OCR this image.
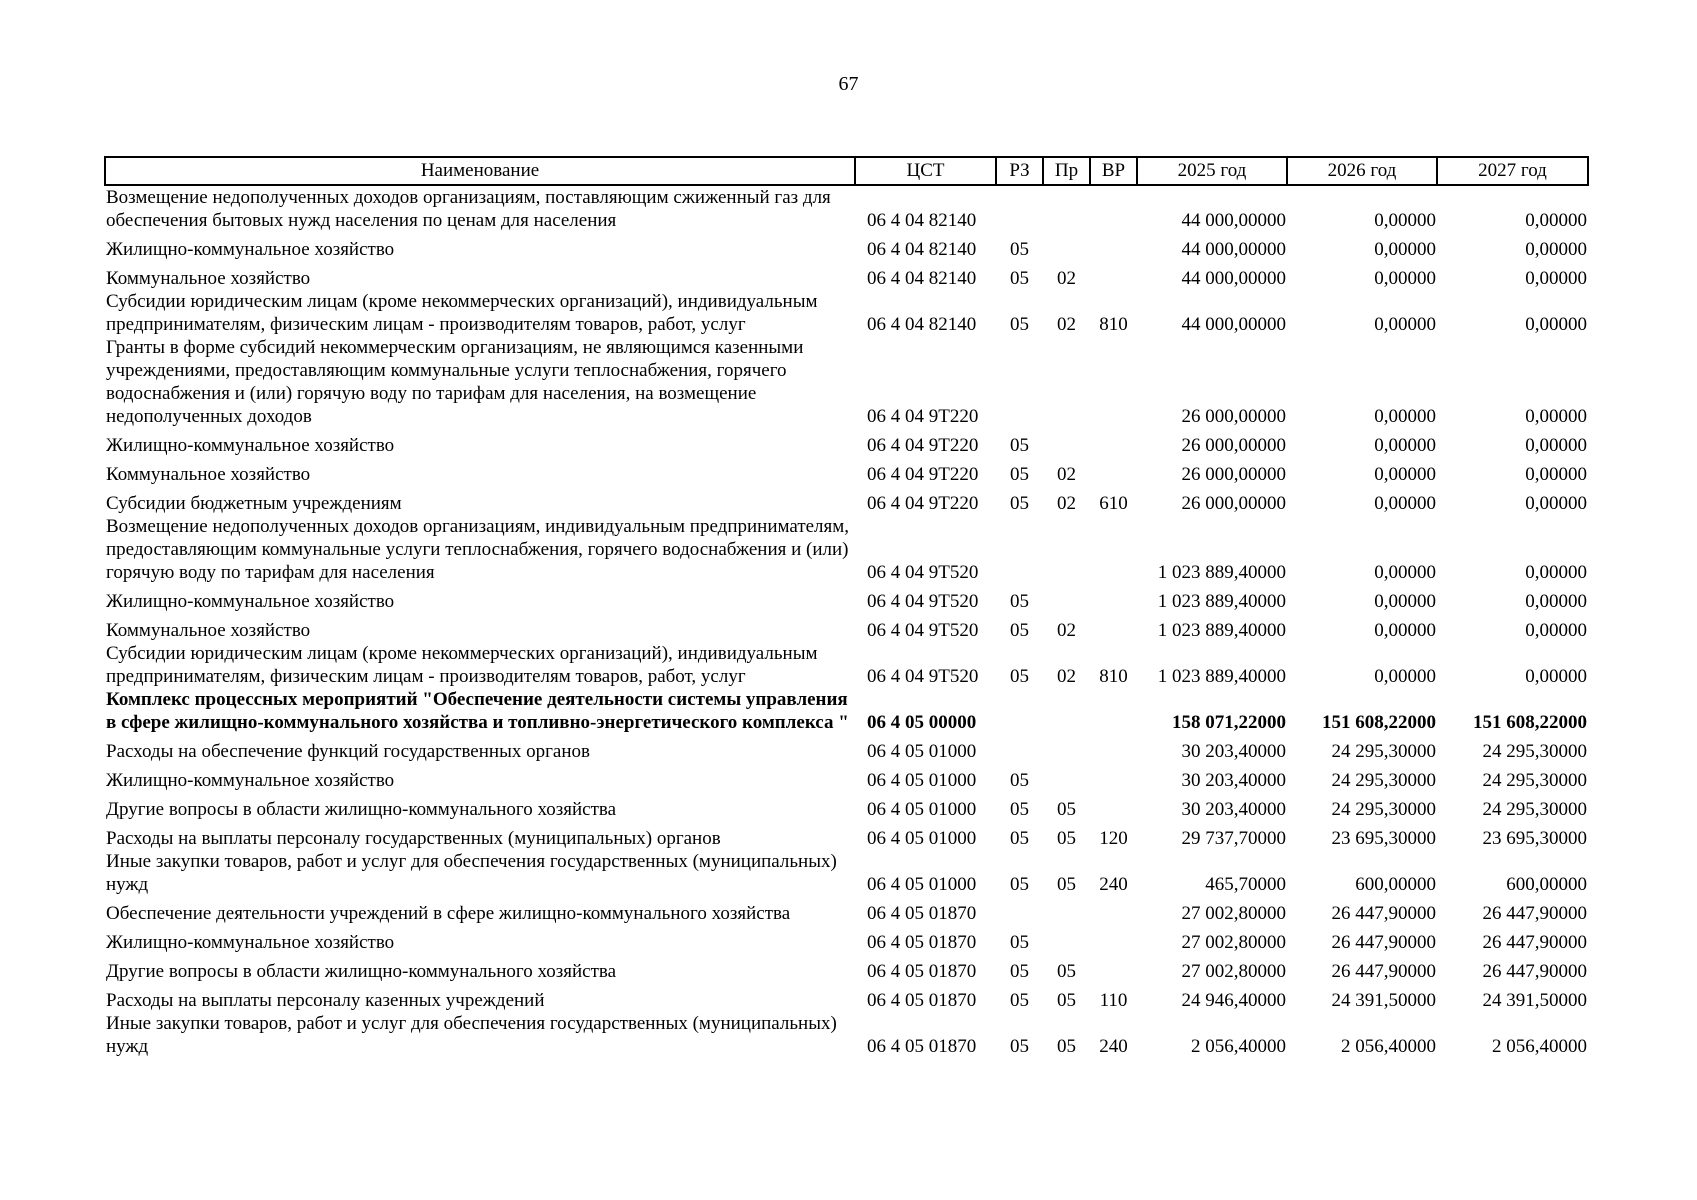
67
Наименование	ЦСТ	РЗ	Пр	ВР	2025 год	2026 год	2027 год
Возмещение недополученных доходов организациям, поставляющим сжиженный газ для обеспечения бытовых нужд населения по ценам для населения	06 4 04 82140				44 000,00000	0,00000	0,00000
Жилищно-коммунальное хозяйство	06 4 04 82140	05			44 000,00000	0,00000	0,00000
Коммунальное хозяйство	06 4 04 82140	05	02		44 000,00000	0,00000	0,00000
Субсидии юридическим лицам (кроме некоммерческих организаций), индивидуальным предпринимателям, физическим лицам - производителям товаров, работ, услуг	06 4 04 82140	05	02	810	44 000,00000	0,00000	0,00000
Гранты в форме субсидий некоммерческим организациям, не являющимся казенными учреждениями, предоставляющим коммунальные услуги теплоснабжения, горячего водоснабжения и (или) горячую воду по тарифам для населения, на возмещение недополученных доходов	06 4 04 9Т220				26 000,00000	0,00000	0,00000
Жилищно-коммунальное хозяйство	06 4 04 9Т220	05			26 000,00000	0,00000	0,00000
Коммунальное хозяйство	06 4 04 9Т220	05	02		26 000,00000	0,00000	0,00000
Субсидии бюджетным учреждениям	06 4 04 9Т220	05	02	610	26 000,00000	0,00000	0,00000
Возмещение недополученных доходов организациям, индивидуальным предпринимателям, предоставляющим коммунальные услуги теплоснабжения, горячего водоснабжения и (или) горячую воду по тарифам для населения	06 4 04 9Т520				1 023 889,40000	0,00000	0,00000
Жилищно-коммунальное хозяйство	06 4 04 9Т520	05			1 023 889,40000	0,00000	0,00000
Коммунальное хозяйство	06 4 04 9Т520	05	02		1 023 889,40000	0,00000	0,00000
Субсидии юридическим лицам (кроме некоммерческих организаций), индивидуальным предпринимателям, физическим лицам - производителям товаров, работ, услуг	06 4 04 9Т520	05	02	810	1 023 889,40000	0,00000	0,00000
Комплекс процессных мероприятий "Обеспечение деятельности системы управления в сфере жилищно-коммунального хозяйства и топливно-энергетического комплекса "	06 4 05 00000				158 071,22000	151 608,22000	151 608,22000
Расходы на обеспечение функций государственных органов	06 4 05 01000				30 203,40000	24 295,30000	24 295,30000
Жилищно-коммунальное хозяйство	06 4 05 01000	05			30 203,40000	24 295,30000	24 295,30000
Другие вопросы в области жилищно-коммунального хозяйства	06 4 05 01000	05	05		30 203,40000	24 295,30000	24 295,30000
Расходы на выплаты персоналу государственных (муниципальных) органов	06 4 05 01000	05	05	120	29 737,70000	23 695,30000	23 695,30000
Иные закупки товаров, работ и услуг для обеспечения государственных (муниципальных) нужд	06 4 05 01000	05	05	240	465,70000	600,00000	600,00000
Обеспечение деятельности учреждений в сфере жилищно-коммунального хозяйства	06 4 05 01870				27 002,80000	26 447,90000	26 447,90000
Жилищно-коммунальное хозяйство	06 4 05 01870	05			27 002,80000	26 447,90000	26 447,90000
Другие вопросы в области жилищно-коммунального хозяйства	06 4 05 01870	05	05		27 002,80000	26 447,90000	26 447,90000
Расходы на выплаты персоналу казенных учреждений	06 4 05 01870	05	05	110	24 946,40000	24 391,50000	24 391,50000
Иные закупки товаров, работ и услуг для обеспечения государственных (муниципальных) нужд	06 4 05 01870	05	05	240	2 056,40000	2 056,40000	2 056,40000
